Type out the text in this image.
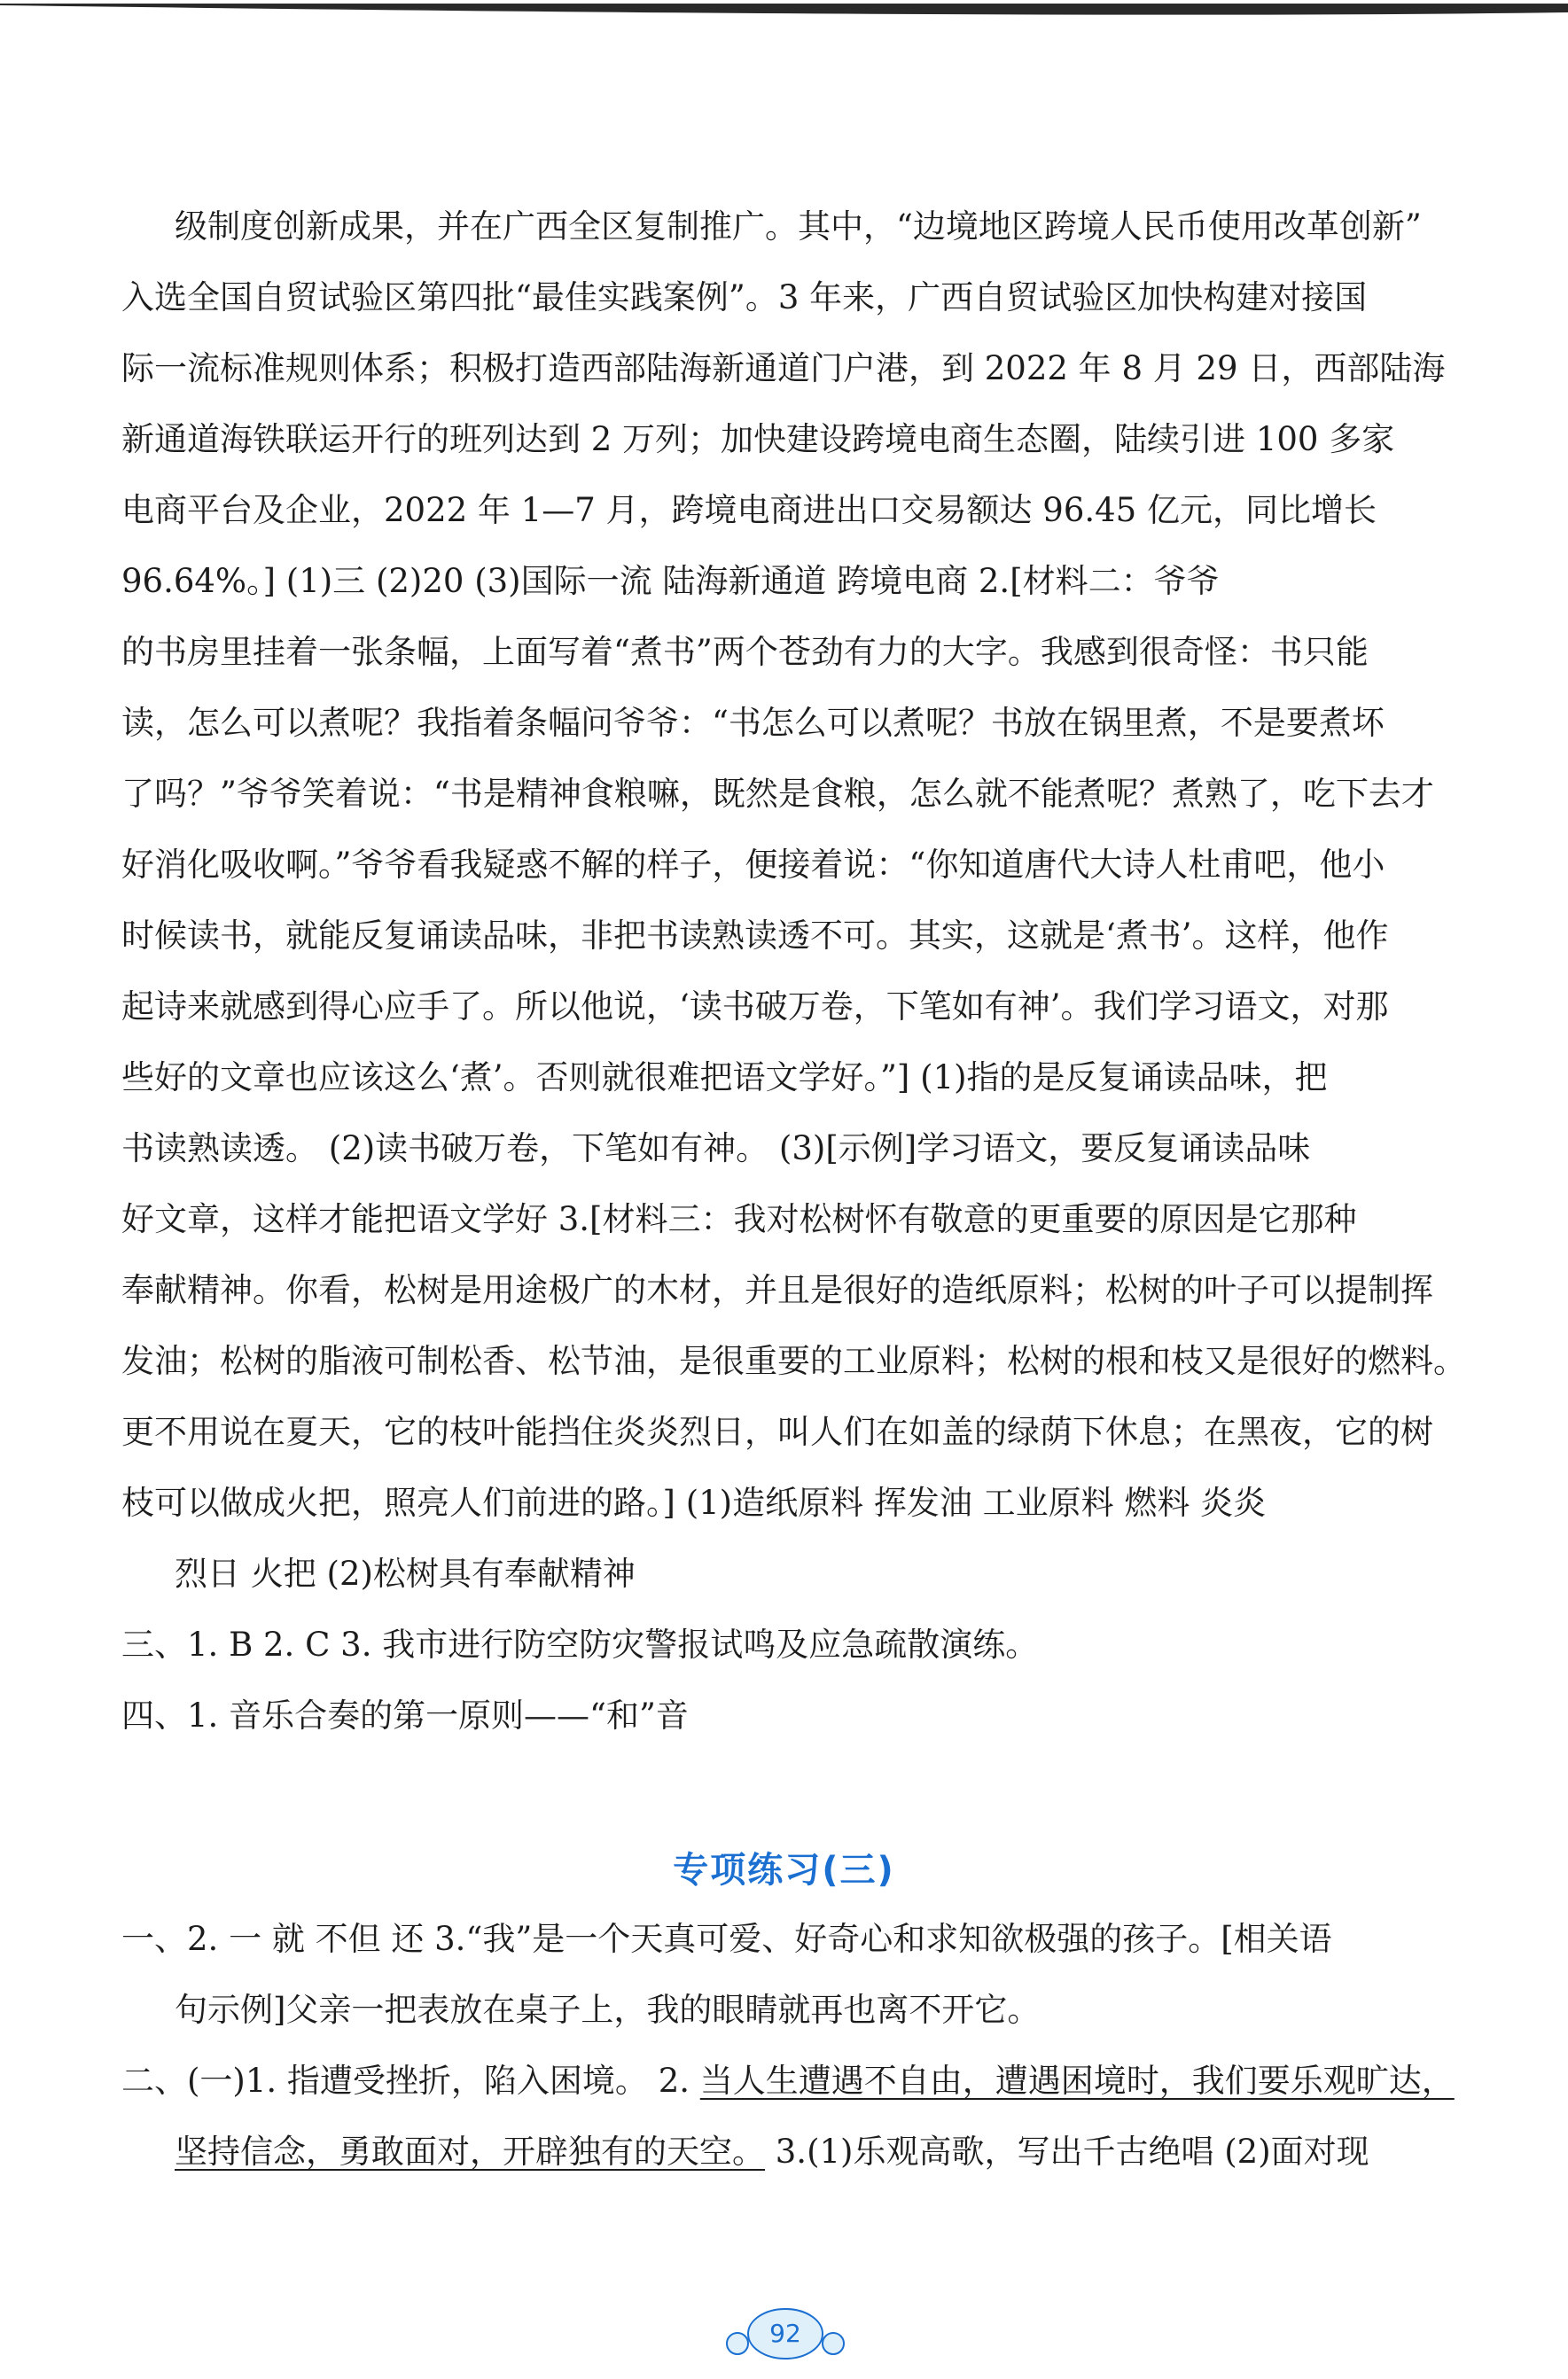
级制度创新成果，并在广西全区复制推广。其中，“边境地区跨境人民币使用改革创新”
入选全国自贸试验区第四批“最佳实践案例”。3 年来，广西自贸试验区加快构建对接国
际一流标准规则体系；积极打造西部陆海新通道门户港，到 2022 年 8 月 29 日，西部陆海
新通道海铁联运开行的班列达到 2 万列；加快建设跨境电商生态圈，陆续引进 100 多家
电商平台及企业，2022 年 1—7 月，跨境电商进出口交易额达 96.45 亿元，同比增长
96.64%。] (1)三 (2)20 (3)国际一流 陆海新通道 跨境电商 2.[材料二：爷爷
的书房里挂着一张条幅，上面写着“煮书”两个苍劲有力的大字。我感到很奇怪：书只能
读，怎么可以煮呢？我指着条幅问爷爷：“书怎么可以煮呢？书放在锅里煮，不是要煮坏
了吗？”爷爷笑着说：“书是精神食粮嘛，既然是食粮，怎么就不能煮呢？煮熟了，吃下去才
好消化吸收啊。”爷爷看我疑惑不解的样子，便接着说：“你知道唐代大诗人杜甫吧，他小
时候读书，就能反复诵读品味，非把书读熟读透不可。其实，这就是‘煮书’。这样，他作
起诗来就感到得心应手了。所以他说，‘读书破万卷，下笔如有神’。我们学习语文，对那
些好的文章也应该这么‘煮’。否则就很难把语文学好。”] (1)指的是反复诵读品味，把
书读熟读透。 (2)读书破万卷，下笔如有神。 (3)[示例]学习语文，要反复诵读品味
好文章，这样才能把语文学好 3.[材料三：我对松树怀有敬意的更重要的原因是它那种
奉献精神。你看，松树是用途极广的木材，并且是很好的造纸原料；松树的叶子可以提制挥
发油；松树的脂液可制松香、松节油，是很重要的工业原料；松树的根和枝又是很好的燃料。
更不用说在夏天，它的枝叶能挡住炎炎烈日，叫人们在如盖的绿荫下休息；在黑夜，它的树
枝可以做成火把，照亮人们前进的路。] (1)造纸原料 挥发油 工业原料 燃料 炎炎
烈日 火把 (2)松树具有奉献精神
三、1. B 2. C 3. 我市进行防空防灾警报试鸣及应急疏散演练。
四、1. 音乐合奏的第一原则——“和”音
专项练习(三)
一、2. 一 就 不但 还 3.“我”是一个天真可爱、好奇心和求知欲极强的孩子。[相关语
句示例]父亲一把表放在桌子上，我的眼睛就再也离不开它。
二、(一)1. 指遭受挫折，陷入困境。 2. 当人生遭遇不自由，遭遇困境时，我们要乐观旷达，
坚持信念，勇敢面对，开辟独有的天空。 3.(1)乐观高歌，写出千古绝唱 (2)面对现
92
